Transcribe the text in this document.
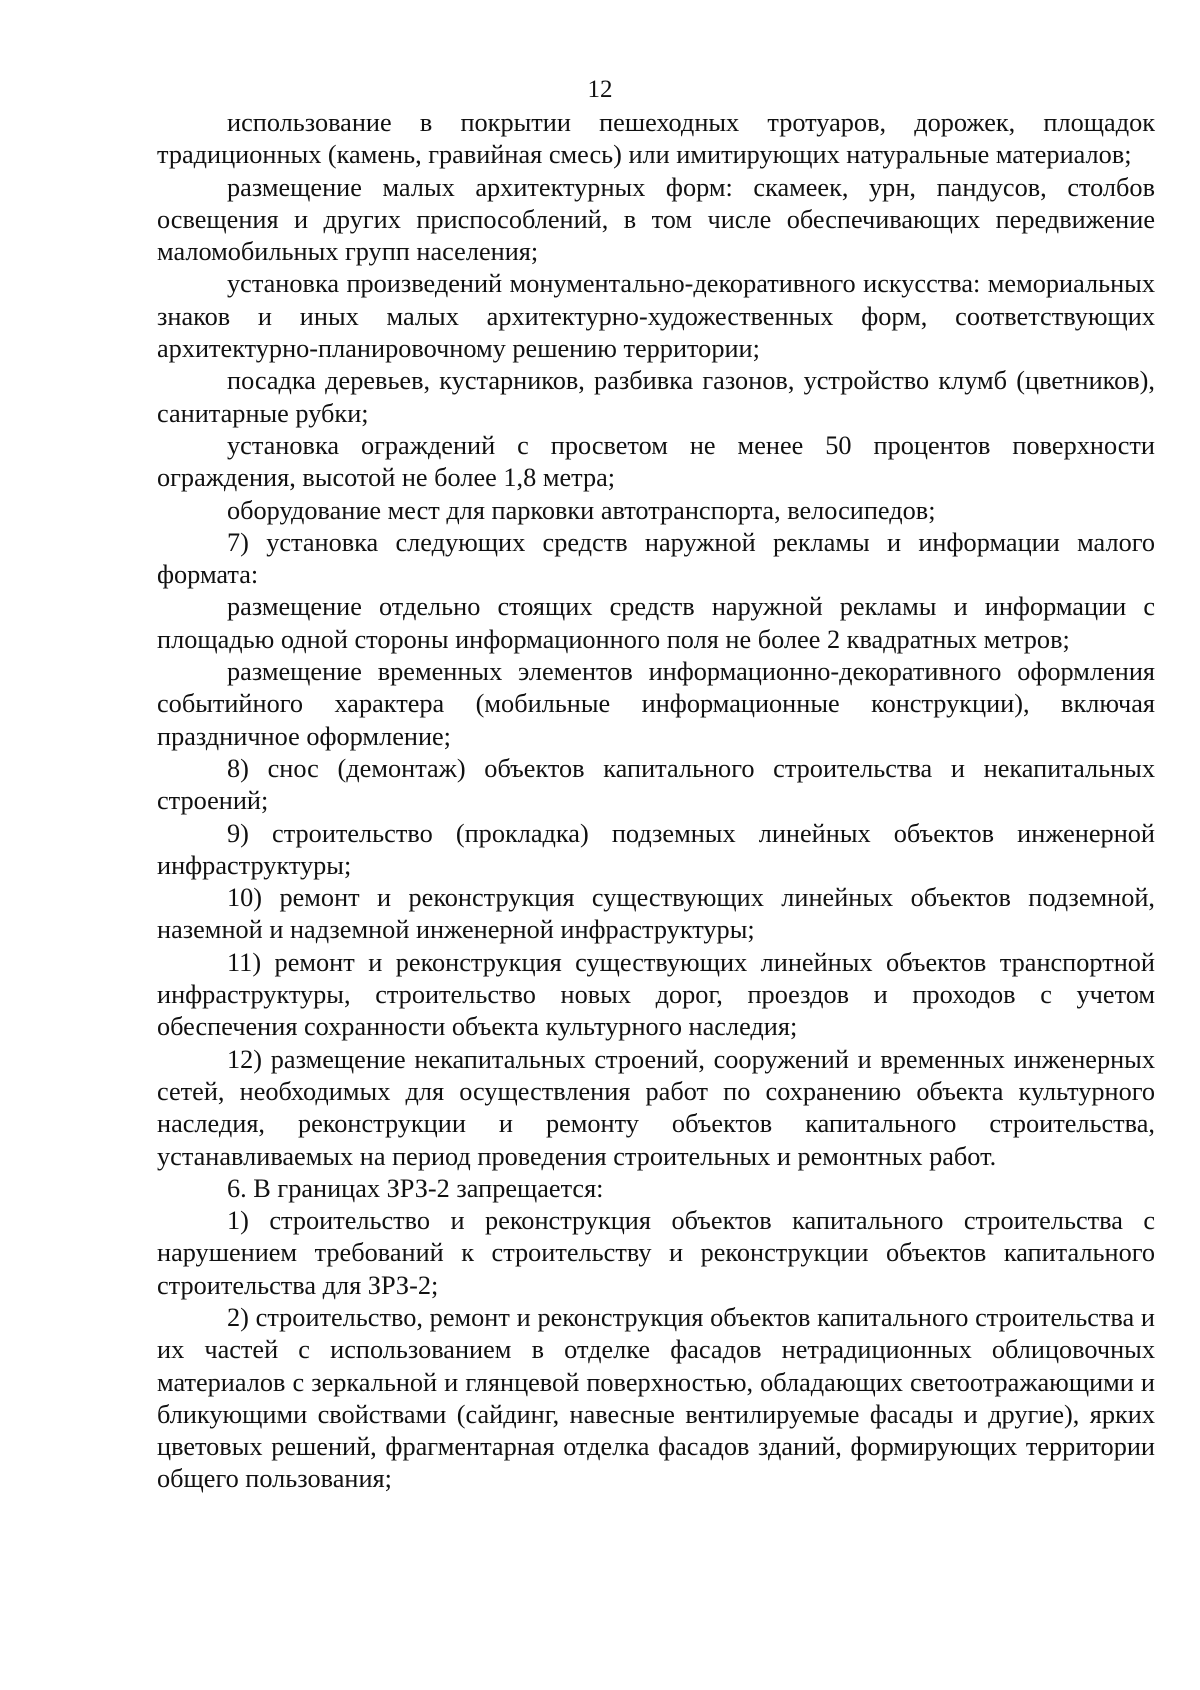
12

использование в покрытии пешеходных тротуаров, дорожек, площадок традиционных (камень, гравийная смесь) или имитирующих натуральные материалов;

размещение малых архитектурных форм: скамеек, урн, пандусов, столбов освещения и других приспособлений, в том числе обеспечивающих передвижение маломобильных групп населения;

установка произведений монументально-декоративного искусства: мемориальных знаков и иных малых архитектурно-художественных форм, соответствующих архитектурно-планировочному решению территории;

посадка деревьев, кустарников, разбивка газонов, устройство клумб (цветников), санитарные рубки;

установка ограждений с просветом не менее 50 процентов поверхности ограждения, высотой не более 1,8 метра;

оборудование мест для парковки автотранспорта, велосипедов;

7) установка следующих средств наружной рекламы и информации малого формата:

размещение отдельно стоящих средств наружной рекламы и информации с площадью одной стороны информационного поля не более 2 квадратных метров;

размещение временных элементов информационно-декоративного оформления событийного характера (мобильные информационные конструкции), включая праздничное оформление;

8) снос (демонтаж) объектов капитального строительства и некапитальных строений;

9) строительство (прокладка) подземных линейных объектов инженерной инфраструктуры;

10) ремонт и реконструкция существующих линейных объектов подземной, наземной и надземной инженерной инфраструктуры;

11) ремонт и реконструкция существующих линейных объектов транспортной инфраструктуры, строительство новых дорог, проездов и проходов с учетом обеспечения сохранности объекта культурного наследия;

12) размещение некапитальных строений, сооружений и временных инженерных сетей, необходимых для осуществления работ по сохранению объекта культурного наследия, реконструкции и ремонту объектов капитального строительства, устанавливаемых на период проведения строительных и ремонтных работ.

6. В границах ЗРЗ-2 запрещается:

1) строительство и реконструкция объектов капитального строительства с нарушением требований к строительству и реконструкции объектов капитального строительства для ЗРЗ-2;

2) строительство, ремонт и реконструкция объектов капитального строительства и их частей с использованием в отделке фасадов нетрадиционных облицовочных материалов с зеркальной и глянцевой поверхностью, обладающих светоотражающими и бликующими свойствами (сайдинг, навесные вентилируемые фасады и другие), ярких цветовых решений, фрагментарная отделка фасадов зданий, формирующих территории общего пользования;
